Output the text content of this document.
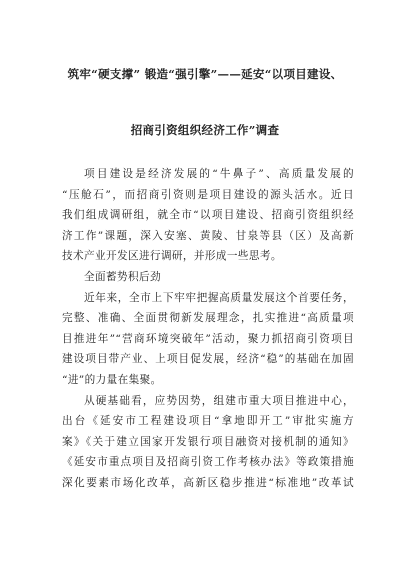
筑牢“硬支撑” 锻造“强引擎”——延安“以项目建设、
招商引资组织经济工作”调查
项目建设是经济发展的“牛鼻子”、高质量发展的
“压舱石”，而招商引资则是项目建设的源头活水。近日
我们组成调研组，就全市“以项目建设、招商引资组织经
济工作”课题，深入安塞、黄陵、甘泉等县（区）及高新
技术产业开发区进行调研，并形成一些思考。
全面蓄势积后劲
近年来，全市上下牢牢把握高质量发展这个首要任务，
完整、准确、全面贯彻新发展理念，扎实推进“高质量项
目推进年”“营商环境突破年”活动，聚力抓招商引资项目
建设项目带产业、上项目促发展，经济“稳”的基础在加固
“进”的力量在集聚。
从硬基础看，应势因势，组建市重大项目推进中心，
出台《延安市工程建设项目“拿地即开工”审批实施方
案》《关于建立国家开发银行项目融资对接机制的通知》
《延安市重点项目及招商引资工作考核办法》等政策措施
深化要素市场化改革，高新区稳步推进“标准地”改革试
